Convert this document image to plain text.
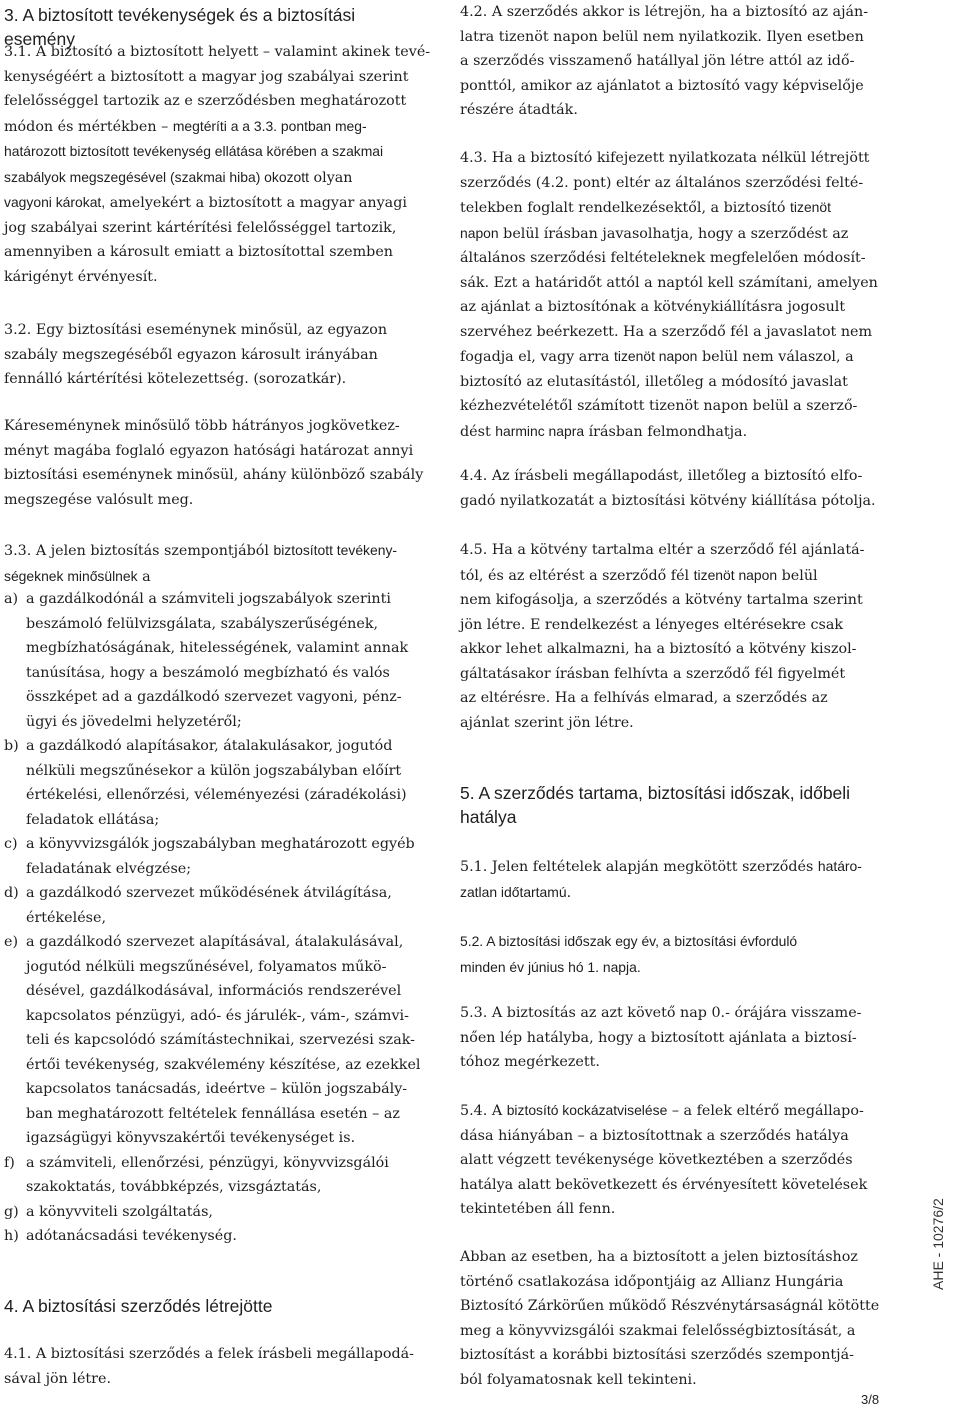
3. A biztosított tevékenységek és a biztosítási esemény
3.1. A biztosító a biztosított helyett – valamint akinek tevé-
kenységéért a biztosított a magyar jog szabályai szerint
felelősséggel tartozik az e szerződésben meghatározott
módon és mértékben – megtéríti a a 3.3. pontban meg-
határozott biztosított tevékenység ellátása körében a szakmai
szabályok megszegésével (szakmai hiba) okozott olyan
vagyoni károkat, amelyekért a biztosított a magyar anyagi
jog szabályai szerint kártérítési felelősséggel tartozik,
amennyiben a károsult emiatt a biztosítottal szemben
kárigényt érvényesít.
3.2. Egy biztosítási eseménynek minősül, az egyazon
szabály megszegéséből egyazon károsult irányában
fennálló kártérítési kötelezettség. (sorozatkár).
Káreseménynek minősülő több hátrányos jogkövetkez-
ményt magába foglaló egyazon hatósági határozat annyi
biztosítási eseménynek minősül, ahány különböző szabály
megszegése valósult meg.
3.3. A jelen biztosítás szempontjából biztosított tevékeny-
ségeknek minősülnek a
a) a gazdálkodónál a számviteli jogszabályok szerinti
beszámoló felülvizsgálata, szabályszerűségének,
megbízhatóságának, hitelességének, valamint annak
tanúsítása, hogy a beszámoló megbízható és valós
összképet ad a gazdálkodó szervezet vagyoni, pénz-
ügyi és jövedelmi helyzetéről;
b) a gazdálkodó alapításakor, átalakulásakor, jogutód
nélküli megszűnésekor a külön jogszabályban előírt
értékelési, ellenőrzési, véleményezési (záradékolási)
feladatok ellátása;
c) a könyvvizsgálók jogszabályban meghatározott egyéb
feladatának elvégzése;
d) a gazdálkodó szervezet működésének átvilágítása,
értékelése,
e) a gazdálkodó szervezet alapításával, átalakulásával,
jogutód nélküli megszűnésével, folyamatos műkö-
désével, gazdálkodásával, információs rendszerével
kapcsolatos pénzügyi, adó- és járulék-, vám-, számvi-
teli és kapcsolódó számítástechnikai, szervezési szak-
értői tevékenység, szakvélemény készítése, az ezekkel
kapcsolatos tanácsadás, ideértve – külön jogszabály-
ban meghatározott feltételek fennállása esetén – az
igazságügyi könyvszakértői tevékenységet is.
f) a számviteli, ellenőrzési, pénzügyi, könyvvizsgálói
szakoktatás, továbbképzés, vizsgáztatás,
g) a könyvviteli szolgáltatás,
h) adótanácsadási tevékenység.
4. A biztosítási szerződés létrejötte
4.1. A biztosítási szerződés a felek írásbeli megállapodá-
sával jön létre.
4.2. A szerződés akkor is létrejön, ha a biztosító az aján-
latra tizenöt napon belül nem nyilatkozik. Ilyen esetben
a szerződés visszamenő hatállyal jön létre attól az idő-
ponttól, amikor az ajánlatot a biztosító vagy képviselője
részére átadták.
4.3. Ha a biztosító kifejezett nyilatkozata nélkül létrejött
szerződés (4.2. pont) eltér az általános szerződési felté-
telekben foglalt rendelkezésektől, a biztosító tizenöt
napon belül írásban javasolhatja, hogy a szerződést az
általános szerződési feltételeknek megfelelően módosít-
sák. Ezt a határidőt attól a naptól kell számítani, amelyen
az ajánlat a biztosítónak a kötvénykiállításra jogosult
szervéhez beérkezett. Ha a szerződő fél a javaslatot nem
fogadja el, vagy arra tizenöt napon belül nem válaszol, a
biztosító az elutasítástól, illetőleg a módosító javaslat
kézhezvételétől számított tizenöt napon belül a szerző-
dést harminc napra írásban felmondhatja.
4.4. Az írásbeli megállapodást, illetőleg a biztosító elfo-
gadó nyilatkozatát a biztosítási kötvény kiállítása pótolja.
4.5. Ha a kötvény tartalma eltér a szerződő fél ajánlatá-
tól, és az eltérést a szerződő fél tizenöt napon belül
nem kifogásolja, a szerződés a kötvény tartalma szerint
jön létre. E rendelkezést a lényeges eltérésekre csak
akkor lehet alkalmazni, ha a biztosító a kötvény kiszol-
gáltatásakor írásban felhívta a szerződő fél figyelmét
az eltérésre. Ha a felhívás elmarad, a szerződés az
ajánlat szerint jön létre.
5. A szerződés tartama, biztosítási időszak, időbeli
hatálya
5.1. Jelen feltételek alapján megkötött szerződés határo-
zatlan időtartamú.
5.2. A biztosítási időszak egy év, a biztosítási évforduló
minden év június hó 1. napja.
5.3. A biztosítás az azt követő nap 0.- órájára visszame-
nően lép hatályba, hogy a biztosított ajánlata a biztosí-
tóhoz megérkezett.
5.4. A biztosító kockázatviselése – a felek eltérő megállapo-
dása hiányában – a biztosítottnak a szerződés hatálya
alatt végzett tevékenysége következtében a szerződés
hatálya alatt bekövetkezett és érvényesített követelések
tekintetében áll fenn.
Abban az esetben, ha a biztosított a jelen biztosításhoz
történő csatlakozása időpontjáig az Allianz Hungária
Biztosító Zárkörűen működő Részvénytársaságnál kötötte
meg a könyvvizsgálói szakmai felelősségbiztosítását, a
biztosítást a korábbi biztosítási szerződés szempontjá-
ból folyamatosnak kell tekinteni.
AHE - 10276/2
3/8
